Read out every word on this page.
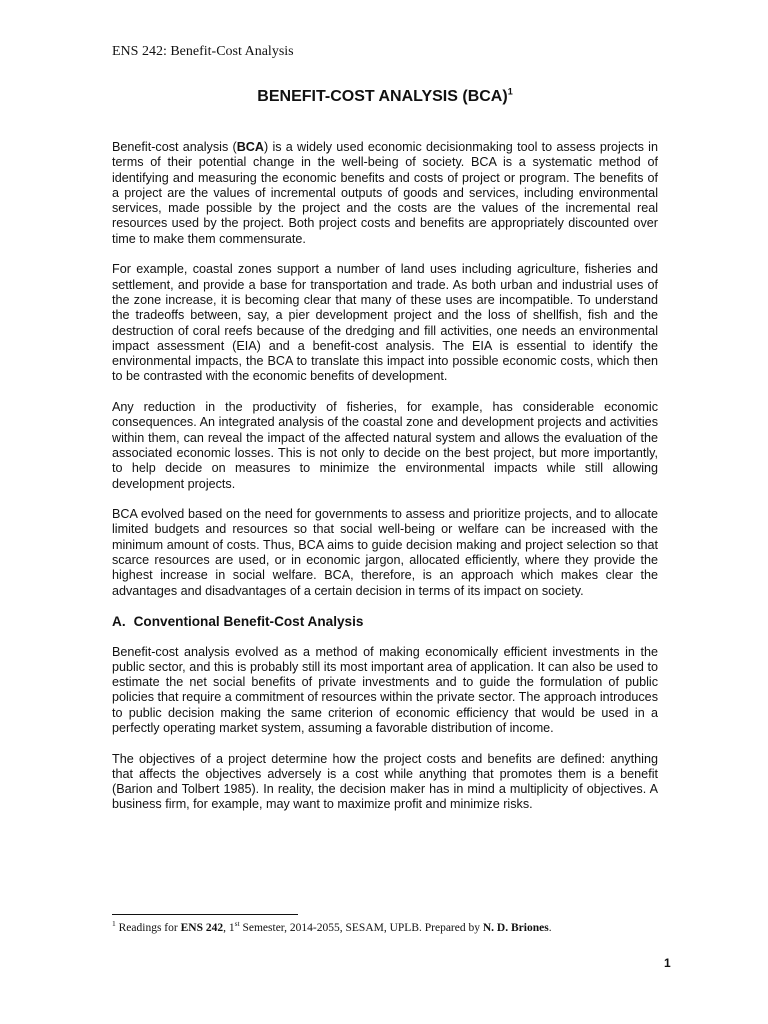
ENS 242: Benefit-Cost Analysis
BENEFIT-COST ANALYSIS (BCA)$^1$

Benefit-cost analysis (BCA) is a widely used economic decisionmaking tool to assess projects in terms of their potential change in the well-being of society. BCA is a systematic method of identifying and measuring the economic benefits and costs of project or program. The benefits of a project are the values of incremental outputs of goods and services, including environmental services, made possible by the project and the costs are the values of the incremental real resources used by the project. Both project costs and benefits are appropriately discounted over time to make them commensurate.

For example, coastal zones support a number of land uses including agriculture, fisheries and settlement, and provide a base for transportation and trade. As both urban and industrial uses of the zone increase, it is becoming clear that many of these uses are incompatible. To understand the tradeoffs between, say, a pier development project and the loss of shellfish, fish and the destruction of coral reefs because of the dredging and fill activities, one needs an environmental impact assessment (EIA) and a benefit-cost analysis. The EIA is essential to identify the environmental impacts, the BCA to translate this impact into possible economic costs, which then to be contrasted with the economic benefits of development.

Any reduction in the productivity of fisheries, for example, has considerable economic consequences. An integrated analysis of the coastal zone and development projects and activities within them, can reveal the impact of the affected natural system and allows the evaluation of the associated economic losses. This is not only to decide on the best project, but more importantly, to help decide on measures to minimize the environmental impacts while still allowing development projects.

BCA evolved based on the need for governments to assess and prioritize projects, and to allocate limited budgets and resources so that social well-being or welfare can be increased with the minimum amount of costs. Thus, BCA aims to guide decision making and project selection so that scarce resources are used, or in economic jargon, allocated efficiently, where they provide the highest increase in social welfare. BCA, therefore, is an approach which makes clear the advantages and disadvantages of a certain decision in terms of its impact on society.

A. Conventional Benefit-Cost Analysis

Benefit-cost analysis evolved as a method of making economically efficient investments in the public sector, and this is probably still its most important area of application. It can also be used to estimate the net social benefits of private investments and to guide the formulation of public policies that require a commitment of resources within the private sector. The approach introduces to public decision making the same criterion of economic efficiency that would be used in a perfectly operating market system, assuming a favorable distribution of income.

The objectives of a project determine how the project costs and benefits are defined: anything that affects the objectives adversely is a cost while anything that promotes them is a benefit (Barion and Tolbert 1985). In reality, the decision maker has in mind a multiplicity of objectives. A business firm, for example, may want to maximize profit and minimize risks.

$^1$ Readings for ENS 242, 1st Semester, 2014-2055, SESAM, UPLB. Prepared by N. D. Briones.
1
